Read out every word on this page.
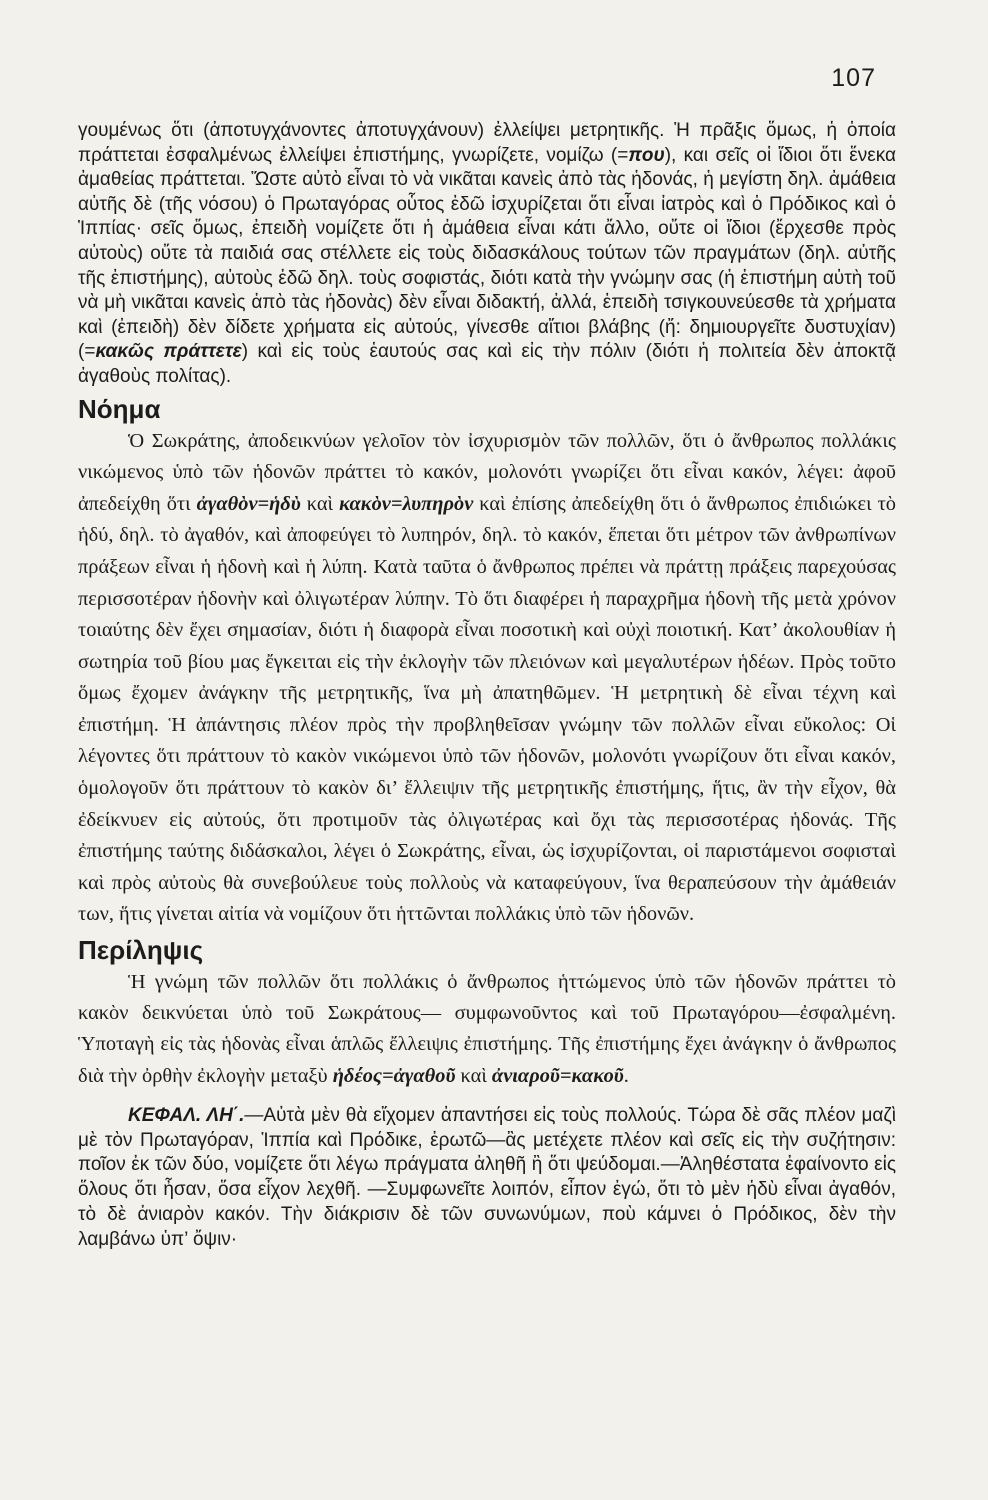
107

γουμένως ὅτι (ἀποτυγχάνοντες ἀποτυγχάνουν) ἐλλείψει μετρητικῆς. Ἡ πρᾶξις ὅμως, ἡ ὁποία πράττεται ἐσφαλμένως ἐλλείψει ἐπιστήμης, γνωρίζετε, νομίζω (=που), και σεῖς οἱ ἴδιοι ὅτι ἕνεκα ἀμαθείας πράττεται. Ὥστε αὐτὸ εἶναι τὸ νὰ νικᾶται κανεὶς ἀπὸ τὰς ἡδονάς, ἡ μεγίστη δηλ. ἀμάθεια αὐτῆς δὲ (τῆς νόσου) ὁ Πρωταγόρας οὗτος ἐδῶ ἰσχυρίζεται ὅτι εἶναι ἰατρὸς καὶ ὁ Πρόδικος καὶ ὁ Ἱππίας· σεῖς ὅμως, ἐπειδὴ νομίζετε ὅτι ἡ ἀμάθεια εἶναι κάτι ἄλλο, οὔτε οἱ ἴδιοι (ἔρχεσθε πρὸς αὐτοὺς) οὔτε τὰ παιδιά σας στέλλετε εἰς τοὺς διδασκάλους τούτων τῶν πραγμάτων (δηλ. αὐτῆς τῆς ἐπιστήμης), αὐτοὺς ἐδῶ δηλ. τοὺς σοφιστάς, διότι κατὰ τὴν γνώμην σας (ἡ ἐπιστήμη αὐτὴ τοῦ νὰ μὴ νικᾶται κανεὶς ἀπὸ τὰς ἡδονὰς) δὲν εἶναι διδακτή, ἀλλά, ἐπειδὴ τσιγκουνεύεσθε τὰ χρήματα καὶ (ἐπειδὴ) δὲν δίδετε χρήματα εἰς αὐτούς, γίνεσθε αἴτιοι βλάβης (ἤ: δημιουργεῖτε δυστυχίαν) (=κακῶς πράττετε) καὶ εἰς τοὺς ἑαυτούς σας καὶ εἰς τὴν πόλιν (διότι ἡ πολιτεία δὲν ἀποκτᾷ ἀγαθοὺς πολίτας).

Νόημα

Ὁ Σωκράτης, ἀποδεικνύων γελοῖον τὸν ἰσχυρισμὸν τῶν πολλῶν, ὅτι ὁ ἄνθρωπος πολλάκις νικώμενος ὑπὸ τῶν ἡδονῶν πράττει τὸ κακόν, μολονότι γνωρίζει ὅτι εἶναι κακόν, λέγει: ἀφοῦ ἀπεδείχθη ὅτι ἀγαθὸν=ἡδὺ καὶ κακὸν=λυπηρὸν καὶ ἐπίσης ἀπεδείχθη ὅτι ὁ ἄνθρωπος ἐπιδιώκει τὸ ἡδύ, δηλ. τὸ ἀγαθόν, καὶ ἀποφεύγει τὸ λυπηρόν, δηλ. τὸ κακόν, ἕπεται ὅτι μέτρον τῶν ἀνθρωπίνων πράξεων εἶναι ἡ ἡδονὴ καὶ ἡ λύπη. Κατὰ ταῦτα ὁ ἄνθρωπος πρέπει νὰ πράττῃ πράξεις παρεχούσας περισσοτέραν ἡδονὴν καὶ ὀλιγωτέραν λύπην. Τὸ ὅτι διαφέρει ἡ παραχρῆμα ἡδονὴ τῆς μετὰ χρόνον τοιαύτης δὲν ἔχει σημασίαν, διότι ἡ διαφορὰ εἶναι ποσοτικὴ καὶ οὐχὶ ποιοτική. Κατ’ ἀκολουθίαν ἡ σωτηρία τοῦ βίου μας ἔγκειται εἰς τὴν ἐκλογὴν τῶν πλειόνων καὶ μεγαλυτέρων ἡδέων. Πρὸς τοῦτο ὅμως ἔχομεν ἀνάγκην τῆς μετρητικῆς, ἵνα μὴ ἀπατηθῶμεν. Ἡ μετρητικὴ δὲ εἶναι τέχνη καὶ ἐπιστήμη. Ἡ ἀπάντησις πλέον πρὸς τὴν προβληθεῖσαν γνώμην τῶν πολλῶν εἶναι εὔκολος: Οἱ λέγοντες ὅτι πράττουν τὸ κακὸν νικώμενοι ὑπὸ τῶν ἡδονῶν, μολονότι γνωρίζουν ὅτι εἶναι κακόν, ὁμολογοῦν ὅτι πράττουν τὸ κακὸν δι’ ἔλλειψιν τῆς μετρητικῆς ἐπιστήμης, ἥτις, ἂν τὴν εἶχον, θὰ ἐδείκνυεν εἰς αὐτούς, ὅτι προτιμοῦν τὰς ὀλιγωτέρας καὶ ὄχι τὰς περισσοτέρας ἡδονάς. Τῆς ἐπιστήμης ταύτης διδάσκαλοι, λέγει ὁ Σωκράτης, εἶναι, ὡς ἰσχυρίζονται, οἱ παριστάμενοι σοφισταὶ καὶ πρὸς αὐτοὺς θὰ συνεβούλευε τοὺς πολλοὺς νὰ καταφεύγουν, ἵνα θεραπεύσουν τὴν ἀμάθειάν των, ἥτις γίνεται αἰτία νὰ νομίζουν ὅτι ἡττῶνται πολλάκις ὑπὸ τῶν ἡδονῶν.

Περίληψις

Ἡ γνώμη τῶν πολλῶν ὅτι πολλάκις ὁ ἄνθρωπος ἡττώμενος ὑπὸ τῶν ἡδονῶν πράττει τὸ κακὸν δεικνύεται ὑπὸ τοῦ Σωκράτους— συμφωνοῦντος καὶ τοῦ Πρωταγόρου—ἐσφαλμένη. Ὑποταγὴ εἰς τὰς ἡδονὰς εἶναι ἁπλῶς ἔλλειψις ἐπιστήμης. Τῆς ἐπιστήμης ἔχει ἀνάγκην ὁ ἄνθρωπος διὰ τὴν ὀρθὴν ἐκλογὴν μεταξὺ ἡδέος=ἀγαθοῦ καὶ ἀνιαροῦ=κακοῦ.

ΚΕΦΑΛ. ΛΗ΄.—Αὐτὰ μὲν θὰ εἴχομεν ἀπαντήσει εἰς τοὺς πολλούς. Τώρα δὲ σᾶς πλέον μαζὶ μὲ τὸν Πρωταγόραν, Ἱππία καὶ Πρόδικε, ἐρωτῶ—ἂς μετέχετε πλέον καὶ σεῖς εἰς τὴν συζήτησιν: ποῖον ἐκ τῶν δύο, νομίζετε ὅτι λέγω πράγματα ἀληθῆ ἢ ὅτι ψεύδομαι.—Ἀληθέστατα ἐφαίνοντο εἰς ὅλους ὅτι ἦσαν, ὅσα εἶχον λεχθῆ. —Συμφωνεῖτε λοιπόν, εἶπον ἐγώ, ὅτι τὸ μὲν ἡδὺ εἶναι ἀγαθόν, τὸ δὲ ἀνιαρὸν κακόν. Τὴν διάκρισιν δὲ τῶν συνωνύμων, ποὺ κάμνει ὁ Πρόδικος, δὲν τὴν λαμβάνω ὑπ’ ὄψιν·
